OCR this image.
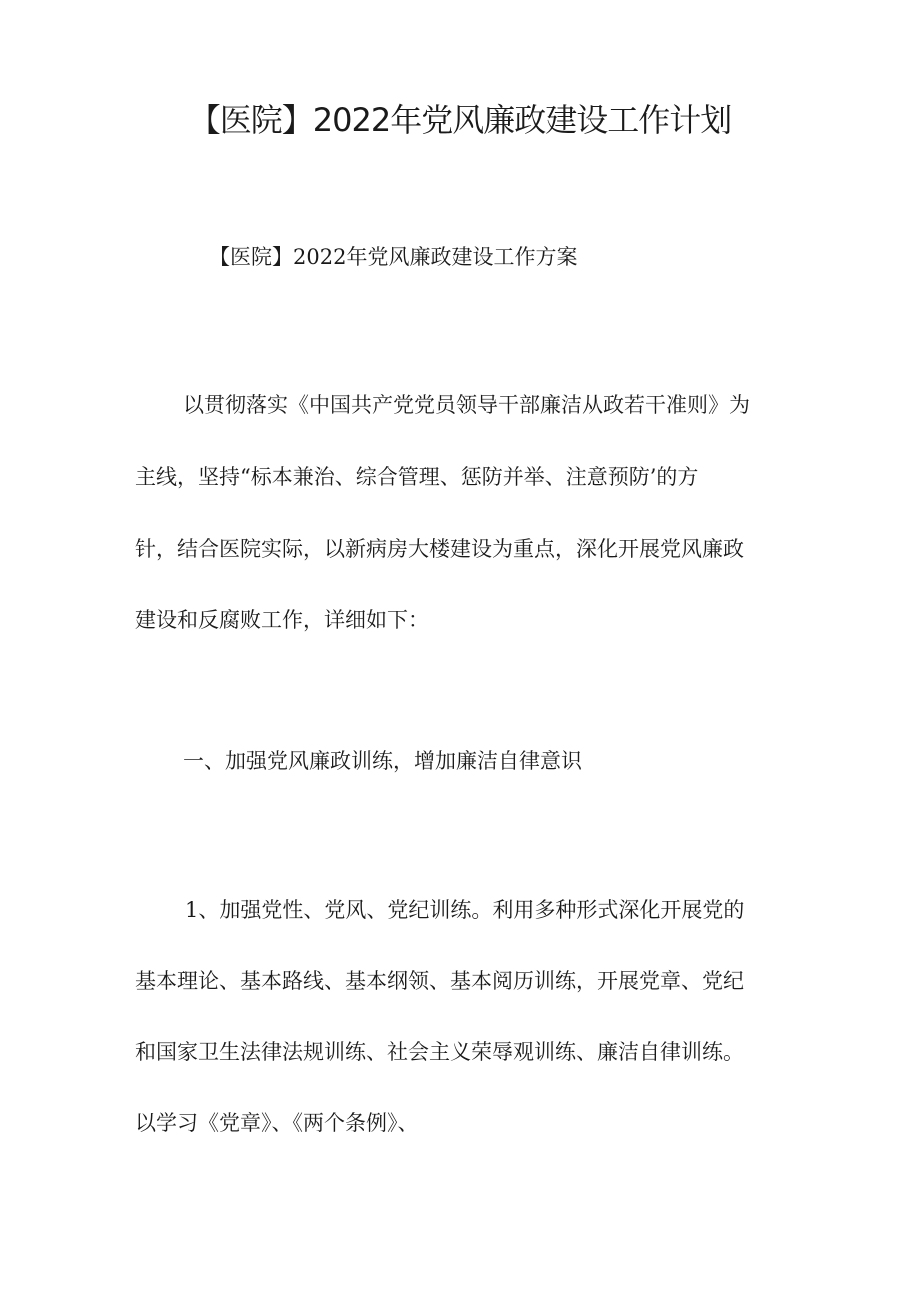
【医院】2022年党风廉政建设工作计划
【医院】2022年党风廉政建设工作方案
以贯彻落实《中国共产党党员领导干部廉洁从政若干准则》为
主线，坚持“标本兼治、综合管理、惩防并举、注意预防’的方
针，结合医院实际，以新病房大楼建设为重点，深化开展党风廉政
建设和反腐败工作，详细如下：
一、加强党风廉政训练，增加廉洁自律意识
1、加强党性、党风、党纪训练。利用多种形式深化开展党的
基本理论、基本路线、基本纲领、基本阅历训练，开展党章、党纪
和国家卫生法律法规训练、社会主义荣辱观训练、廉洁自律训练。
以学习《党章》、《两个条例》、
